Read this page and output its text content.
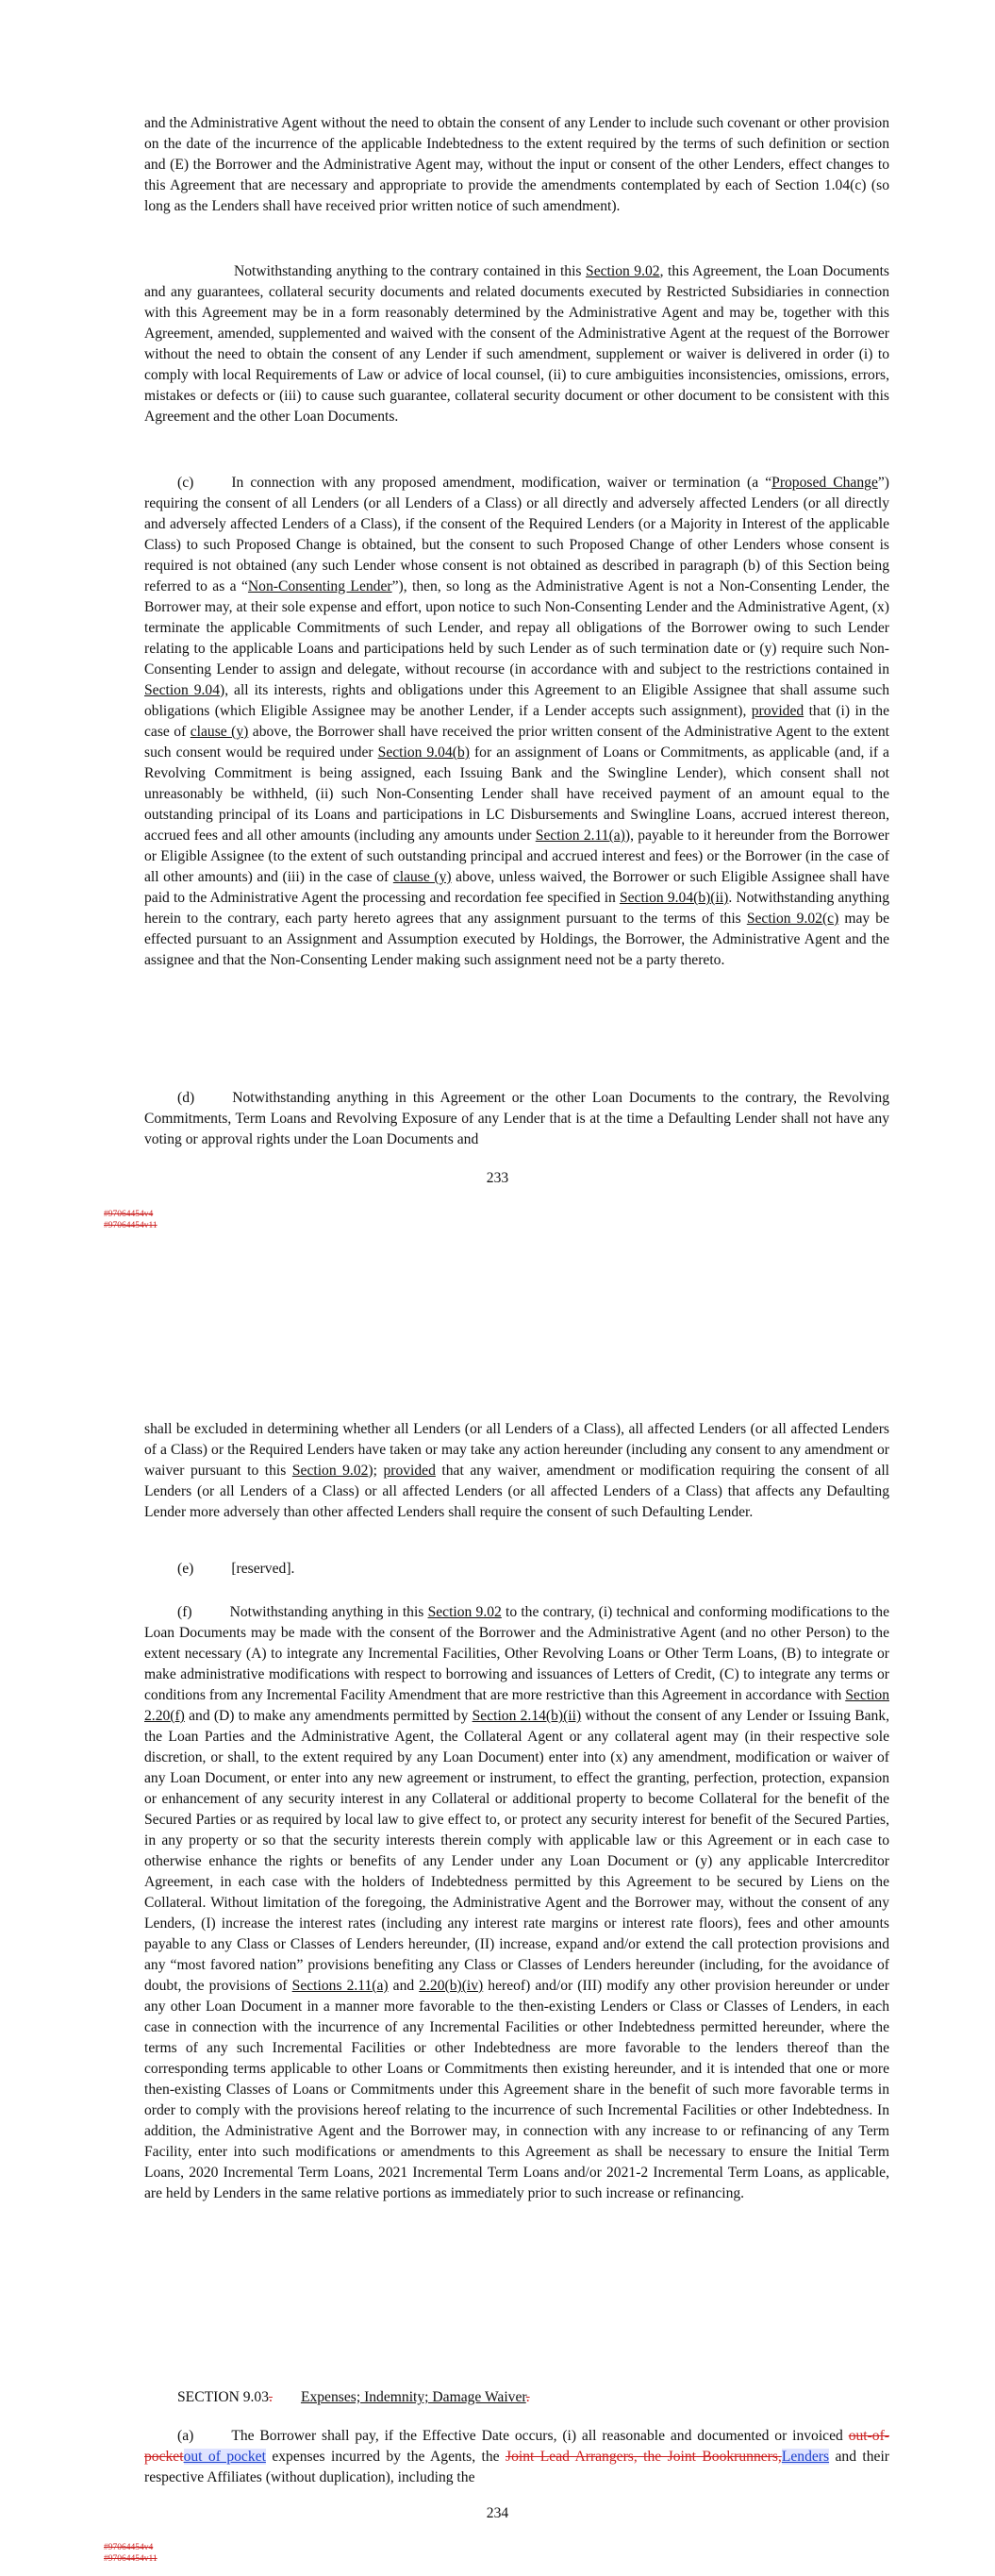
and the Administrative Agent without the need to obtain the consent of any Lender to include such covenant or other provision on the date of the incurrence of the applicable Indebtedness to the extent required by the terms of such definition or section and (E) the Borrower and the Administrative Agent may, without the input or consent of the other Lenders, effect changes to this Agreement that are necessary and appropriate to provide the amendments contemplated by each of Section 1.04(c) (so long as the Lenders shall have received prior written notice of such amendment).

Notwithstanding anything to the contrary contained in this Section 9.02, this Agreement, the Loan Documents and any guarantees, collateral security documents and related documents executed by Restricted Subsidiaries in connection with this Agreement may be in a form reasonably determined by the Administrative Agent and may be, together with this Agreement, amended, supplemented and waived with the consent of the Administrative Agent at the request of the Borrower without the need to obtain the consent of any Lender if such amendment, supplement or waiver is delivered in order (i) to comply with local Requirements of Law or advice of local counsel, (ii) to cure ambiguities inconsistencies, omissions, errors, mistakes or defects or (iii) to cause such guarantee, collateral security document or other document to be consistent with this Agreement and the other Loan Documents.

(c)	In connection with any proposed amendment, modification, waiver or termination (a “Proposed Change”) requiring the consent of all Lenders (or all Lenders of a Class) or all directly and adversely affected Lenders (or all directly and adversely affected Lenders of a Class), if the consent of the Required Lenders (or a Majority in Interest of the applicable Class) to such Proposed Change is obtained, but the consent to such Proposed Change of other Lenders whose consent is required is not obtained (any such Lender whose consent is not obtained as described in paragraph (b) of this Section being referred to as a “Non-Consenting Lender”), then, so long as the Administrative Agent is not a Non-Consenting Lender, the Borrower may, at their sole expense and effort, upon notice to such Non-Consenting Lender and the Administrative Agent, (x) terminate the applicable Commitments of such Lender, and repay all obligations of the Borrower owing to such Lender relating to the applicable Loans and participations held by such Lender as of such termination date or (y) require such Non-Consenting Lender to assign and delegate, without recourse (in accordance with and subject to the restrictions contained in Section 9.04), all its interests, rights and obligations under this Agreement to an Eligible Assignee that shall assume such obligations (which Eligible Assignee may be another Lender, if a Lender accepts such assignment), provided that (i) in the case of clause (y) above, the Borrower shall have received the prior written consent of the Administrative Agent to the extent such consent would be required under Section 9.04(b) for an assignment of Loans or Commitments, as applicable (and, if a Revolving Commitment is being assigned, each Issuing Bank and the Swingline Lender), which consent shall not unreasonably be withheld, (ii) such Non-Consenting Lender shall have received payment of an amount equal to the outstanding principal of its Loans and participations in LC Disbursements and Swingline Loans, accrued interest thereon, accrued fees and all other amounts (including any amounts under Section 2.11(a)), payable to it hereunder from the Borrower or Eligible Assignee (to the extent of such outstanding principal and accrued interest and fees) or the Borrower (in the case of all other amounts) and (iii) in the case of clause (y) above, unless waived, the Borrower or such Eligible Assignee shall have paid to the Administrative Agent the processing and recordation fee specified in Section 9.04(b)(ii). Notwithstanding anything herein to the contrary, each party hereto agrees that any assignment pursuant to the terms of this Section 9.02(c) may be effected pursuant to an Assignment and Assumption executed by Holdings, the Borrower, the Administrative Agent and the assignee and that the Non-Consenting Lender making such assignment need not be a party thereto.

(d)	Notwithstanding anything in this Agreement or the other Loan Documents to the contrary, the Revolving Commitments, Term Loans and Revolving Exposure of any Lender that is at the time a Defaulting Lender shall not have any voting or approval rights under the Loan Documents and

233
#97064454v4
#97064454v11

shall be excluded in determining whether all Lenders (or all Lenders of a Class), all affected Lenders (or all affected Lenders of a Class) or the Required Lenders have taken or may take any action hereunder (including any consent to any amendment or waiver pursuant to this Section 9.02); provided that any waiver, amendment or modification requiring the consent of all Lenders (or all Lenders of a Class) or all affected Lenders (or all affected Lenders of a Class) that affects any Defaulting Lender more adversely than other affected Lenders shall require the consent of such Defaulting Lender.

(e)	[reserved].

(f)	Notwithstanding anything in this Section 9.02 to the contrary, (i) technical and conforming modifications to the Loan Documents may be made with the consent of the Borrower and the Administrative Agent (and no other Person) to the extent necessary (A) to integrate any Incremental Facilities, Other Revolving Loans or Other Term Loans, (B) to integrate or make administrative modifications with respect to borrowing and issuances of Letters of Credit, (C) to integrate any terms or conditions from any Incremental Facility Amendment that are more restrictive than this Agreement in accordance with Section 2.20(f) and (D) to make any amendments permitted by Section 2.14(b)(ii) without the consent of any Lender or Issuing Bank, the Loan Parties and the Administrative Agent, the Collateral Agent or any collateral agent may (in their respective sole discretion, or shall, to the extent required by any Loan Document) enter into (x) any amendment, modification or waiver of any Loan Document, or enter into any new agreement or instrument, to effect the granting, perfection, protection, expansion or enhancement of any security interest in any Collateral or additional property to become Collateral for the benefit of the Secured Parties or as required by local law to give effect to, or protect any security interest for benefit of the Secured Parties, in any property or so that the security interests therein comply with applicable law or this Agreement or in each case to otherwise enhance the rights or benefits of any Lender under any Loan Document or (y) any applicable Intercreditor Agreement, in each case with the holders of Indebtedness permitted by this Agreement to be secured by Liens on the Collateral. Without limitation of the foregoing, the Administrative Agent and the Borrower may, without the consent of any Lenders, (I) increase the interest rates (including any interest rate margins or interest rate floors), fees and other amounts payable to any Class or Classes of Lenders hereunder, (II) increase, expand and/or extend the call protection provisions and any “most favored nation” provisions benefiting any Class or Classes of Lenders hereunder (including, for the avoidance of doubt, the provisions of Sections 2.11(a) and 2.20(b)(iv) hereof) and/or (III) modify any other provision hereunder or under any other Loan Document in a manner more favorable to the then-existing Lenders or Class or Classes of Lenders, in each case in connection with the incurrence of any Incremental Facilities or other Indebtedness permitted hereunder, where the terms of any such Incremental Facilities or other Indebtedness are more favorable to the lenders thereof than the corresponding terms applicable to other Loans or Commitments then existing hereunder, and it is intended that one or more then-existing Classes of Loans or Commitments under this Agreement share in the benefit of such more favorable terms in order to comply with the provisions hereof relating to the incurrence of such Incremental Facilities or other Indebtedness. In addition, the Administrative Agent and the Borrower may, in connection with any increase to or refinancing of any Term Facility, enter into such modifications or amendments to this Agreement as shall be necessary to ensure the Initial Term Loans, 2020 Incremental Term Loans, 2021 Incremental Term Loans and/or 2021-2 Incremental Term Loans, as applicable, are held by Lenders in the same relative portions as immediately prior to such increase or refinancing.

SECTION 9.03. Expenses; Indemnity; Damage Waiver.

(a)	The Borrower shall pay, if the Effective Date occurs, (i) all reasonable and documented or invoiced out-of-pocketout of pocket expenses incurred by the Agents, the Joint Lead Arrangers, the Joint Bookrunners,Lenders and their respective Affiliates (without duplication), including the

234
#97064454v4
#97064454v11
